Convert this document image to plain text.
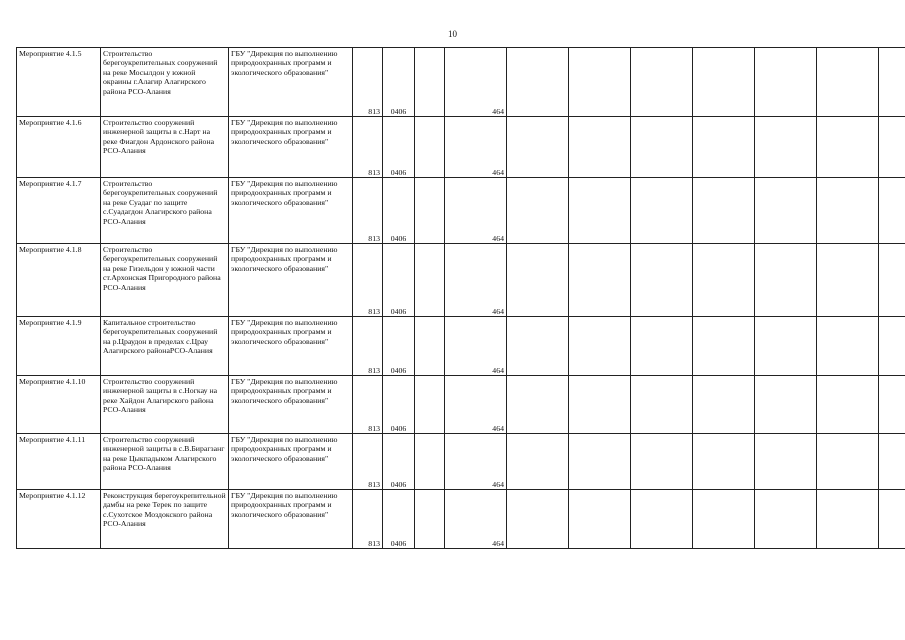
10
Мероприятие 4.1.5	Строительство берегоукрепительных сооружений на реке Мосылдон у южной окраины г.Алагир Алагирского района РСО-Алания	ГБУ "Дирекция по выполнению природоохранных программ и экологического образования"	813	0406		464							
Мероприятие 4.1.6	Строительство сооружений инженерной защиты в с.Нарт на реке Фиагдон Ардонского района РСО-Алания	ГБУ "Дирекция по выполнению природоохранных программ и экологического образования"	813	0406		464							
Мероприятие 4.1.7	Строительство берегоукрепительных сооружений на реке Суадаг по защите с.Суадагдон Алагирского района РСО-Алания	ГБУ "Дирекция по выполнению природоохранных программ и экологического образования"	813	0406		464							
Мероприятие 4.1.8	Строительство берегоукрепительных сооружений на реке Гизельдон у южной части ст.Архонская Пригородного района РСО-Алания	ГБУ "Дирекция по выполнению природоохранных программ и экологического образования"	813	0406		464							
Мероприятие 4.1.9	Капитальное строительство берегоукрепительных сооружений на р.Цраудон в пределах с.Црау Алагирского районаРСО-Алания	ГБУ "Дирекция по выполнению природоохранных программ и экологического образования"	813	0406		464							
Мероприятие 4.1.10	Строительство сооружений инженерной защиты в с.Ногкау на реке Хайдон Алагирского района РСО-Алания	ГБУ "Дирекция по выполнению природоохранных программ и экологического образования"	813	0406		464							
Мероприятие 4.1.11	Строительство сооружений инженерной защиты в с.В.Бирагзанг на реке Цыкпадыком Алагирского района РСО-Алания	ГБУ "Дирекция по выполнению природоохранных программ и экологического образования"	813	0406		464							
Мероприятие 4.1.12	Реконструкция берегоукрепительной дамбы на реке Терек по защите с.Сухотское Моздокского района РСО-Алания	ГБУ "Дирекция по выполнению природоохранных программ и экологического образования"	813	0406		464							
